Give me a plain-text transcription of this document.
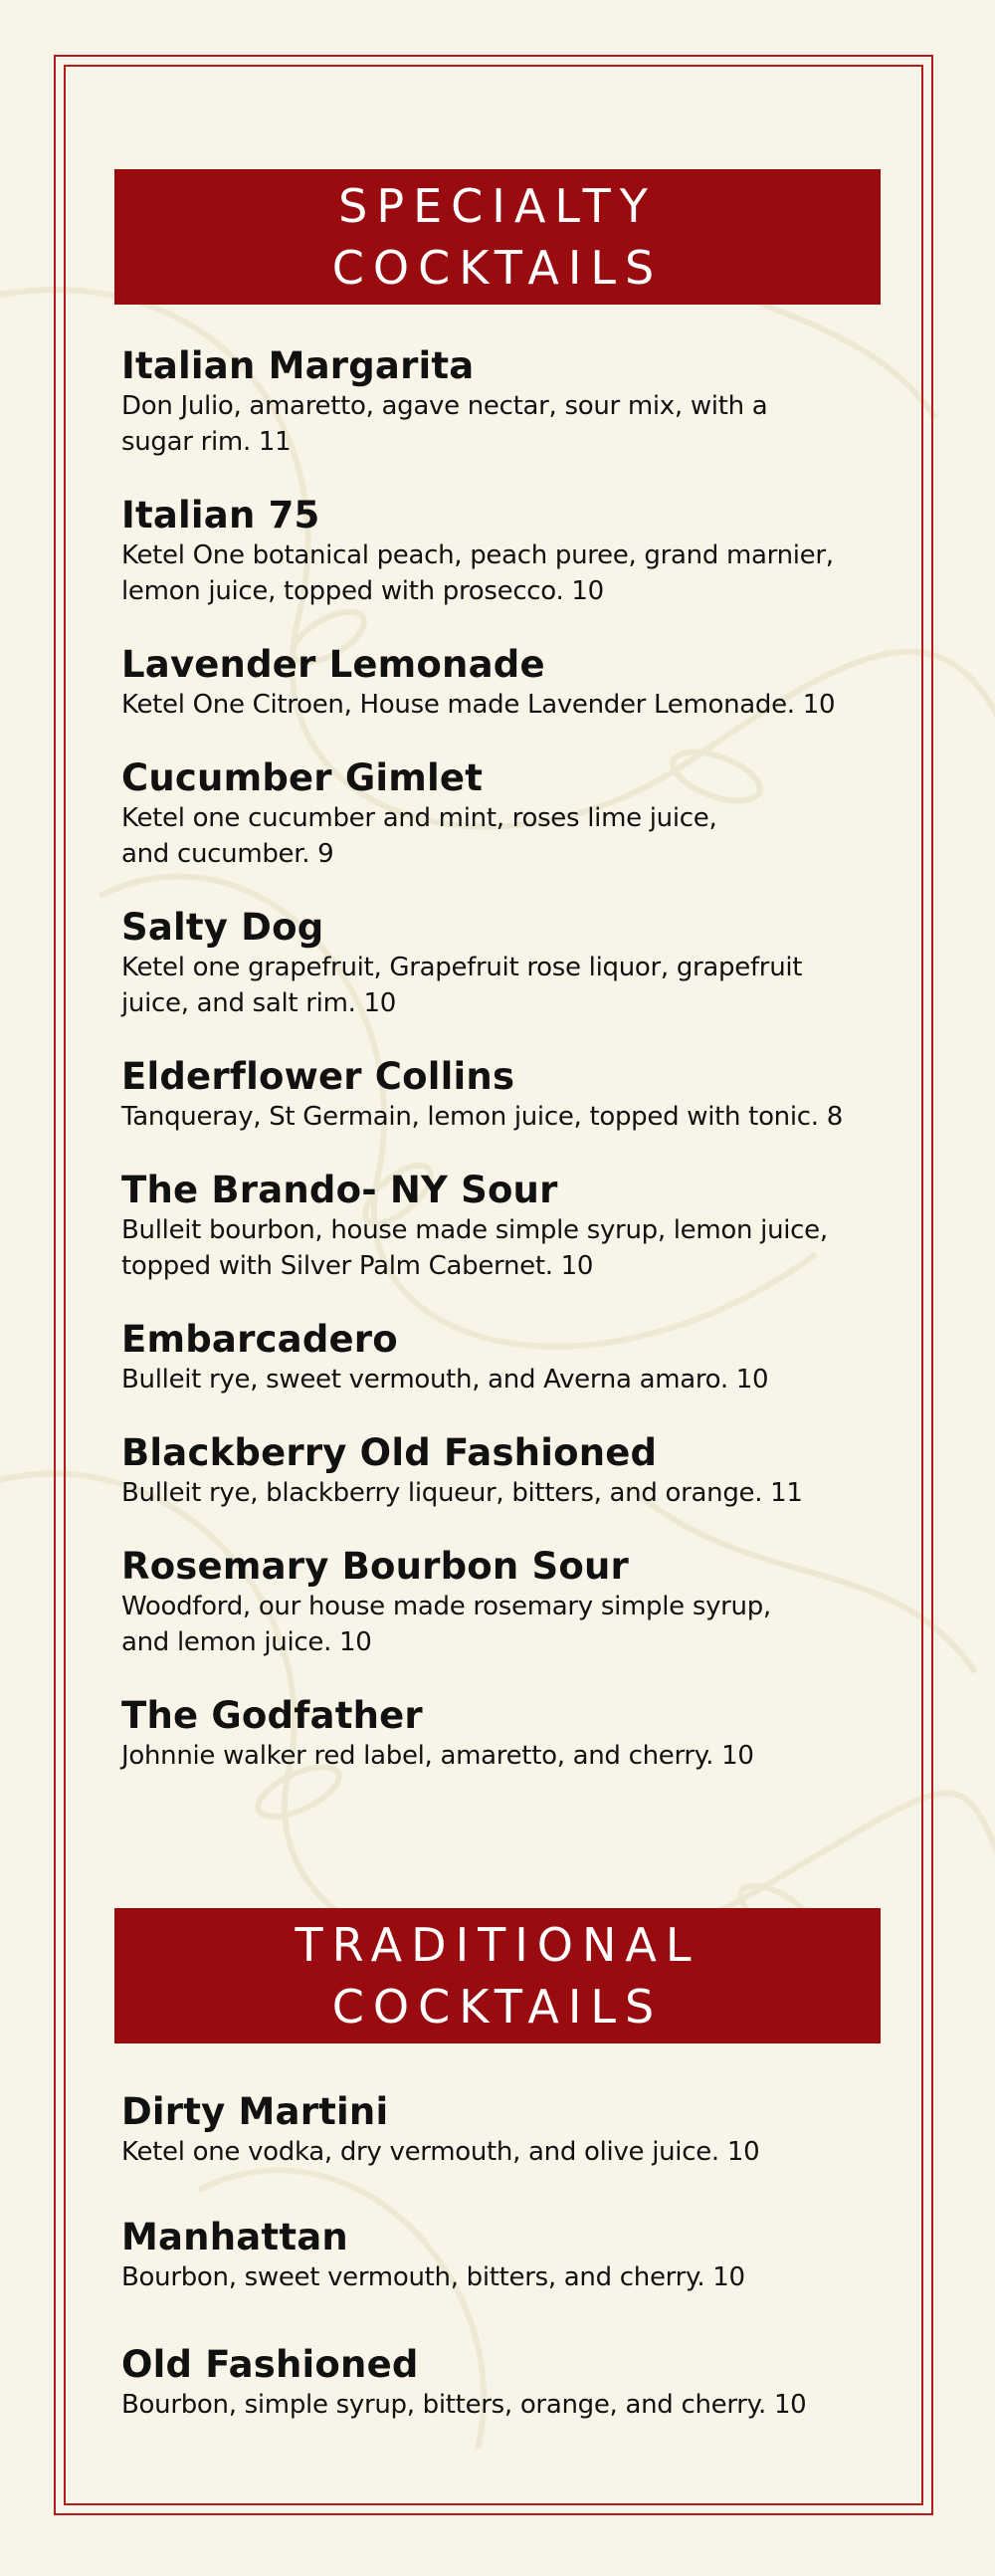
SPECIALTY
COCKTAILS
Italian Margarita
Don Julio, amaretto, agave nectar, sour mix, with a
sugar rim. 11
Italian 75
Ketel One botanical peach, peach puree, grand marnier,
lemon juice, topped with prosecco. 10
Lavender Lemonade
Ketel One Citroen, House made Lavender Lemonade. 10
Cucumber Gimlet
Ketel one cucumber and mint, roses lime juice,
and cucumber. 9
Salty Dog
Ketel one grapefruit, Grapefruit rose liquor, grapefruit
juice, and salt rim. 10
Elderflower Collins
Tanqueray, St Germain, lemon juice, topped with tonic. 8
The Brando- NY Sour
Bulleit bourbon, house made simple syrup, lemon juice,
topped with Silver Palm Cabernet. 10
Embarcadero
Bulleit rye, sweet vermouth, and Averna amaro. 10
Blackberry Old Fashioned
Bulleit rye, blackberry liqueur, bitters, and orange. 11
Rosemary Bourbon Sour
Woodford, our house made rosemary simple syrup,
and lemon juice. 10
The Godfather
Johnnie walker red label, amaretto, and cherry. 10
TRADITIONAL
COCKTAILS
Dirty Martini
Ketel one vodka, dry vermouth, and olive juice. 10
Manhattan
Bourbon, sweet vermouth, bitters, and cherry. 10
Old Fashioned
Bourbon, simple syrup, bitters, orange, and cherry. 10
